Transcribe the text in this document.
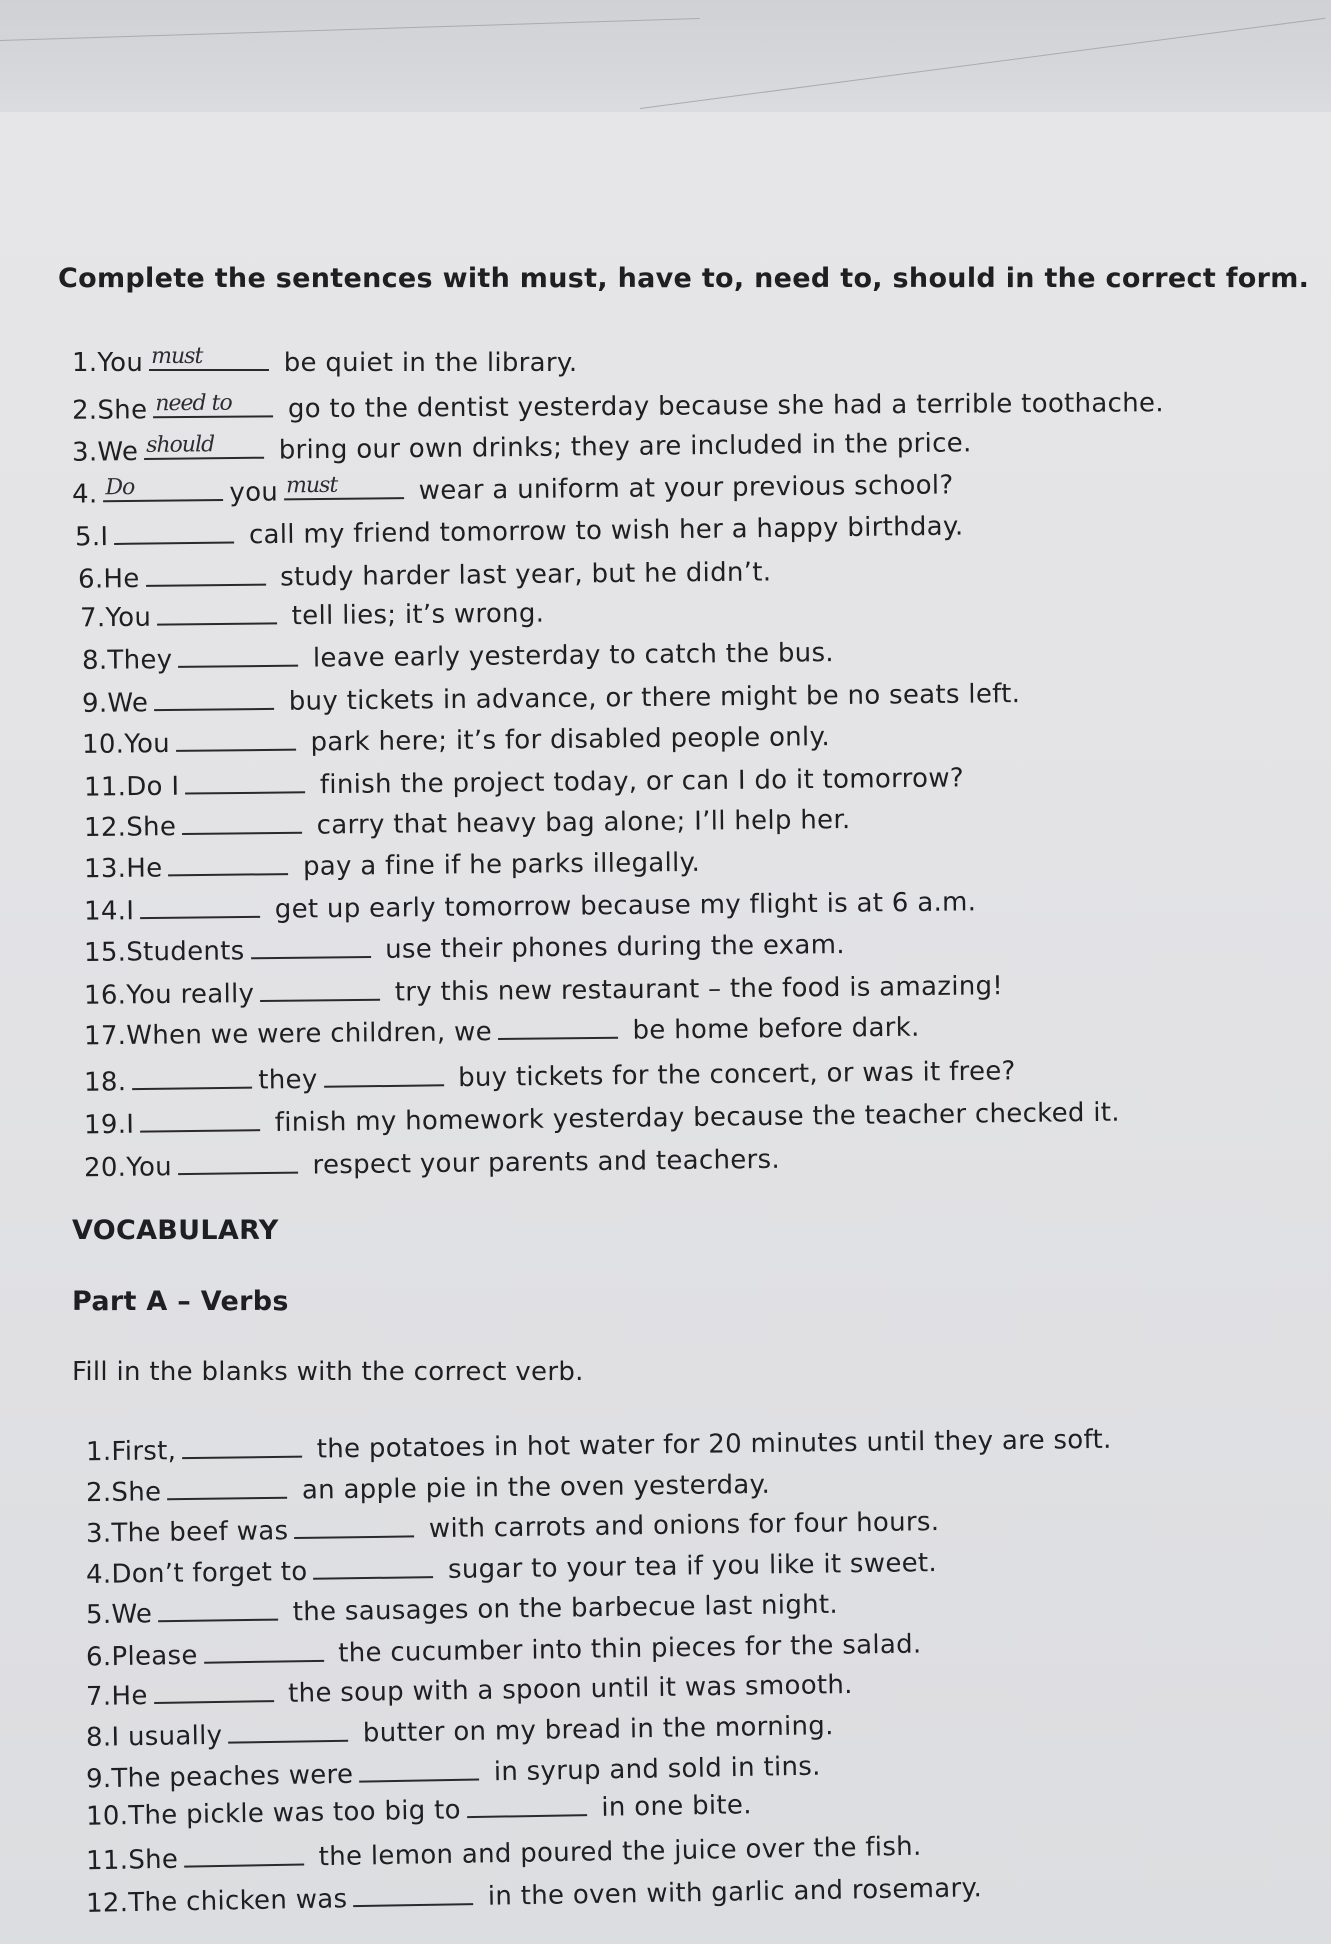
Complete the sentences with must, have to, need to, should in the correct form.
1.You must	be quiet in the library.
2.She need to go to the dentist yesterday because she had a terrible toothache.
3.We should bring our own drinks; they are included in the price.
4. Do	you must	wear a uniform at your previous school?
5.I	call my friend tomorrow to wish her a happy birthday.
6.He	study harder last year, but he didn’t.
7.You	tell lies; it’s wrong.
8.They	leave early yesterday to catch the bus.
9.We	buy tickets in advance, or there might be no seats left.
10.You	park here; it’s for disabled people only.
11.Do I	finish the project today, or can I do it tomorrow?
12.She	carry that heavy bag alone; I’ll help her.
13.He	pay a fine if he parks illegally.
14.I	get up early tomorrow because my flight is at 6 a.m.
15.Students	use their phones during the exam.
16.You really	try this new restaurant – the food is amazing!
17.When we were children, we	be home before dark.
18.	they	buy tickets for the concert, or was it free?
19.I	finish my homework yesterday because the teacher checked it.
20.You	respect your parents and teachers.
VOCABULARY
Part A – Verbs
Fill in the blanks with the correct verb.
1.First,	the potatoes in hot water for 20 minutes until they are soft.
2.She	an apple pie in the oven yesterday.
3.The beef was	with carrots and onions for four hours.
4.Don’t forget to	sugar to your tea if you like it sweet.
5.We	the sausages on the barbecue last night.
6.Please	the cucumber into thin pieces for the salad.
7.He	the soup with a spoon until it was smooth.
8.I usually	butter on my bread in the morning.
9.The peaches were	in syrup and sold in tins.
10.The pickle was too big to	in one bite.
11.She	the lemon and poured the juice over the fish.
12.The chicken was	in the oven with garlic and rosemary.
